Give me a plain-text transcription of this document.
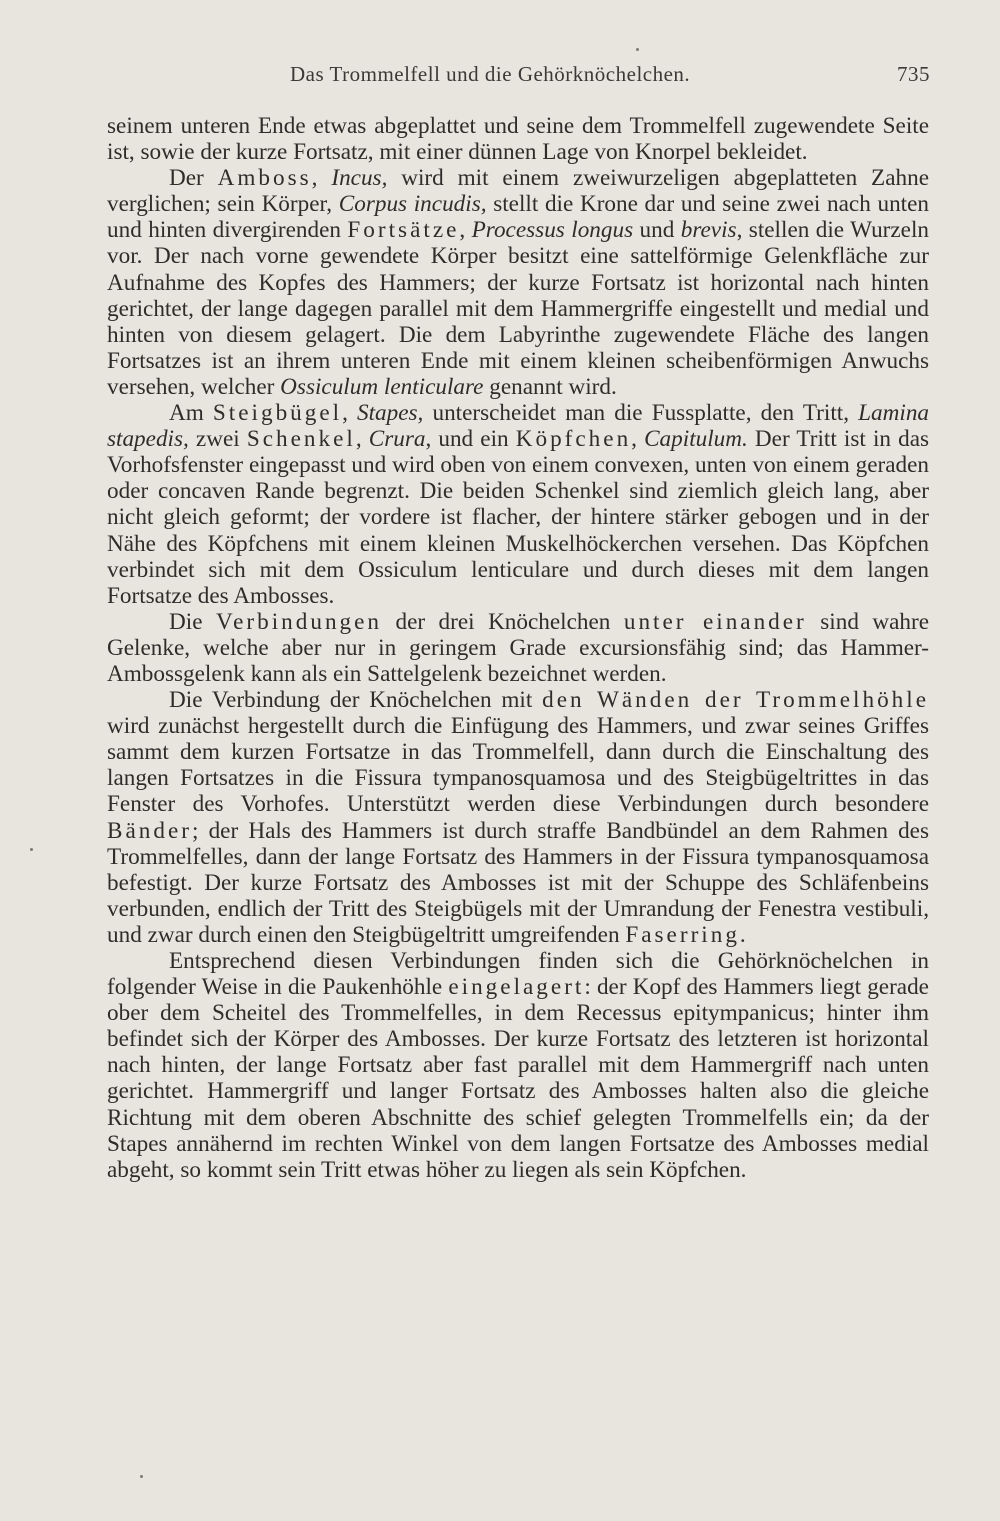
Das Trommelfell und die Gehörknöchelchen.	735

seinem unteren Ende etwas abgeplattet und seine dem Trommelfell zugewendete Seite ist, sowie der kurze Fortsatz, mit einer dünnen Lage von Knorpel bekleidet.

Der Amboss, Incus, wird mit einem zweiwurzeligen abgeplatteten Zahne verglichen; sein Körper, Corpus incudis, stellt die Krone dar und seine zwei nach unten und hinten divergirenden Fortsätze, Processus longus und brevis, stellen die Wurzeln vor. Der nach vorne gewendete Körper besitzt eine sattelförmige Gelenkfläche zur Aufnahme des Kopfes des Hammers; der kurze Fortsatz ist horizontal nach hinten gerichtet, der lange dagegen parallel mit dem Hammergriffe eingestellt und medial und hinten von diesem gelagert. Die dem Labyrinthe zugewendete Fläche des langen Fortsatzes ist an ihrem unteren Ende mit einem kleinen scheibenförmigen Anwuchs versehen, welcher Ossiculum lenticulare genannt wird.

Am Steigbügel, Stapes, unterscheidet man die Fussplatte, den Tritt, Lamina stapedis, zwei Schenkel, Crura, und ein Köpfchen, Capitulum. Der Tritt ist in das Vorhofsfenster eingepasst und wird oben von einem convexen, unten von einem geraden oder concaven Rande begrenzt. Die beiden Schenkel sind ziemlich gleich lang, aber nicht gleich geformt; der vordere ist flacher, der hintere stärker gebogen und in der Nähe des Köpfchens mit einem kleinen Muskelhöckerchen versehen. Das Köpfchen verbindet sich mit dem Ossiculum lenticulare und durch dieses mit dem langen Fortsatze des Ambosses.

Die Verbindungen der drei Knöchelchen unter einander sind wahre Gelenke, welche aber nur in geringem Grade excursionsfähig sind; das Hammer-Ambossgelenk kann als ein Sattelgelenk bezeichnet werden.

Die Verbindung der Knöchelchen mit den Wänden der Trommelhöhle wird zunächst hergestellt durch die Einfügung des Hammers, und zwar seines Griffes sammt dem kurzen Fortsatze in das Trommelfell, dann durch die Einschaltung des langen Fortsatzes in die Fissura tympanosquamosa und des Steigbügeltrittes in das Fenster des Vorhofes. Unterstützt werden diese Verbindungen durch besondere Bänder; der Hals des Hammers ist durch straffe Bandbündel an dem Rahmen des Trommelfelles, dann der lange Fortsatz des Hammers in der Fissura tympanosquamosa befestigt. Der kurze Fortsatz des Ambosses ist mit der Schuppe des Schläfenbeins verbunden, endlich der Tritt des Steigbügels mit der Umrandung der Fenestra vestibuli, und zwar durch einen den Steigbügeltritt umgreifenden Faserring.

Entsprechend diesen Verbindungen finden sich die Gehörknöchelchen in folgender Weise in die Paukenhöhle eingelagert: der Kopf des Hammers liegt gerade ober dem Scheitel des Trommelfelles, in dem Recessus epitympanicus; hinter ihm befindet sich der Körper des Ambosses. Der kurze Fortsatz des letzteren ist horizontal nach hinten, der lange Fortsatz aber fast parallel mit dem Hammergriff nach unten gerichtet. Hammergriff und langer Fortsatz des Ambosses halten also die gleiche Richtung mit dem oberen Abschnitte des schief gelegten Trommelfells ein; da der Stapes annähernd im rechten Winkel von dem langen Fortsatze des Ambosses medial abgeht, so kommt sein Tritt etwas höher zu liegen als sein Köpfchen.
